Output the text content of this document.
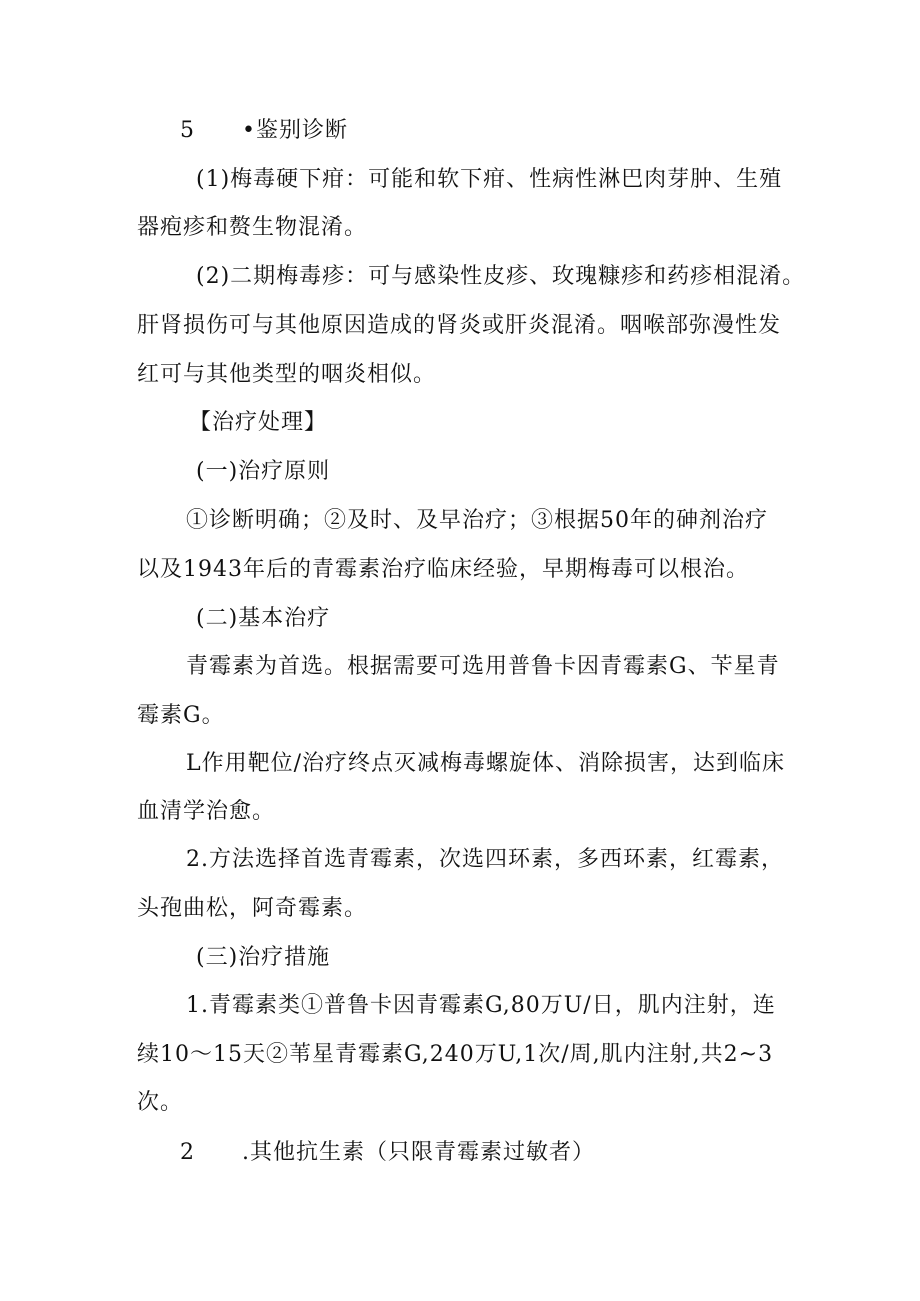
5 •鉴别诊断
(1)梅毒硬下疳：可能和软下疳、性病性淋巴肉芽肿、生殖
器疱疹和赘生物混淆。
(2)二期梅毒疹：可与感染性皮疹、玫瑰糠疹和药疹相混淆。
肝肾损伤可与其他原因造成的肾炎或肝炎混淆。咽喉部弥漫性发
红可与其他类型的咽炎相似。
【治疗处理】
(一)治疗原则
①诊断明确；②及时、及早治疗；③根据50年的砷剂治疗
以及1943年后的青霉素治疗临床经验，早期梅毒可以根治。
(二)基本治疗
青霉素为首选。根据需要可选用普鲁卡因青霉素G、苄星青
霉素G。
L作用靶位/治疗终点灭减梅毒螺旋体、消除损害，达到临床
血清学治愈。
2.方法选择首选青霉素，次选四环素，多西环素，红霉素，
头孢曲松，阿奇霉素。
(三)治疗措施
1.青霉素类①普鲁卡因青霉素G,80万U/日，肌内注射，连
续10～15天②苇星青霉素G,240万U,1次/周,肌内注射,共2~3
次。
2 .其他抗生素（只限青霉素过敏者）
